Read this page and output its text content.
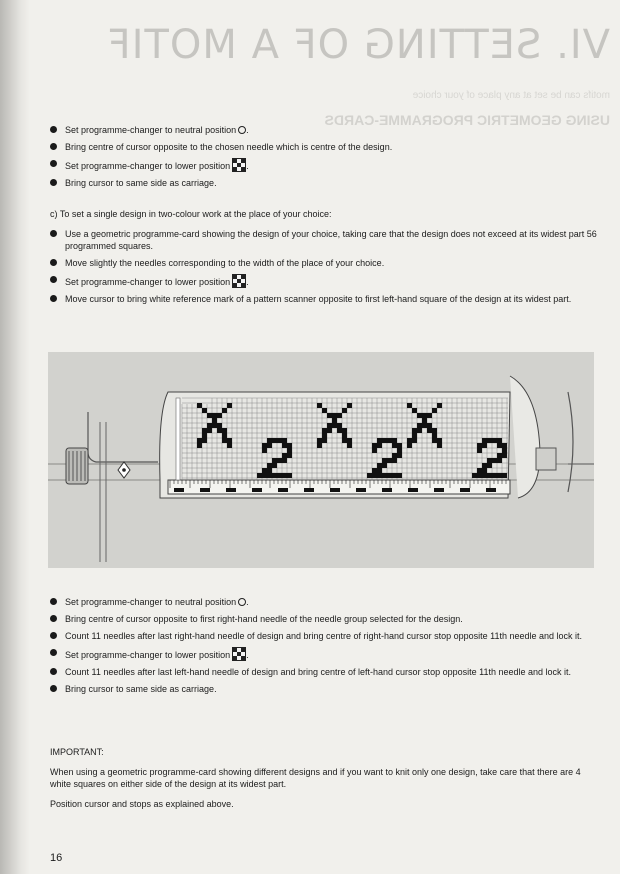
VI. SETTING OF A MOTIF
motifs can be set at any place of your choice
USING GEOMETRIC PROGRAMME-CARDS
Set programme-changer to neutral position .
Bring centre of cursor opposite to the chosen needle which is centre of the design.
Set programme-changer to lower position .
Bring cursor to same side as carriage.

c) To set a single design in two-colour work at the place of your choice:

Use a geometric programme-card showing the design of your choice, taking care that the design does not exceed at its widest part 56 programmed squares.
Move slightly the needles corresponding to the width of the place of your choice.
Set programme-changer to lower position .
Move cursor to bring white reference mark of a pattern scanner opposite to first left-hand square of the design at its widest part.
Set programme-changer to neutral position .
Bring centre of cursor opposite to first right-hand needle of the needle group selected for the design.
Count 11 needles after last right-hand needle of design and bring centre of right-hand cursor stop opposite 11th needle and lock it.
Set programme-changer to lower position .
Count 11 needles after last left-hand needle of design and bring centre of left-hand cursor stop opposite 11th needle and lock it.
Bring cursor to same side as carriage.

IMPORTANT:

When using a geometric programme-card showing different designs and if you want to knit only one design, take care that there are 4 white squares on either side of the design at its widest part.

Position cursor and stops as explained above.

16
